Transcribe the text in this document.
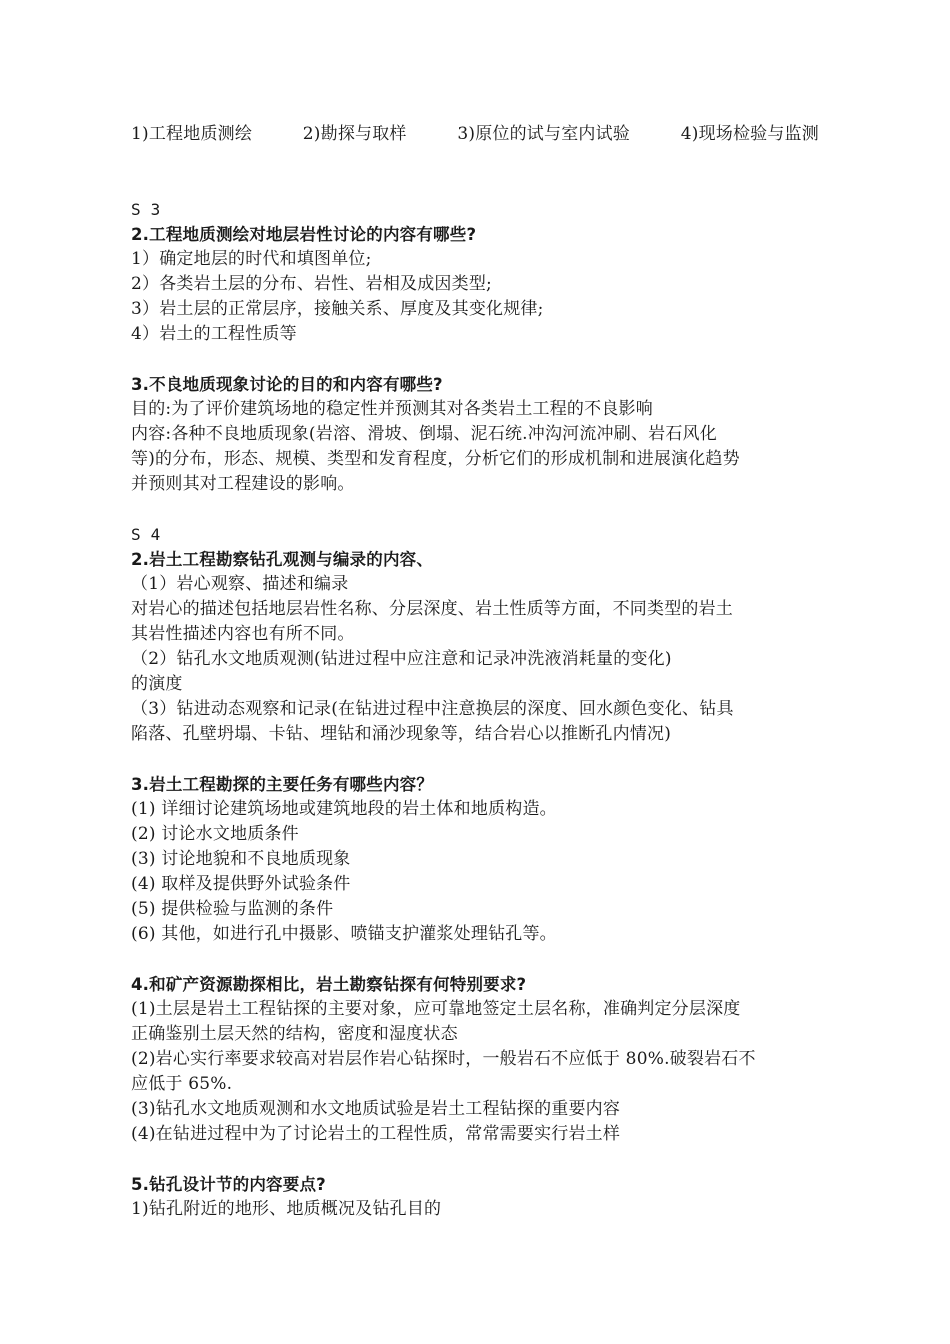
1)工程地质测绘	2)勘探与取样	3)原位的试与室内试验	4)现场检验与监测
S 3
2.工程地质测绘对地层岩性讨论的内容有哪些?
1）确定地层的时代和填图单位;
2）各类岩土层的分布、岩性、岩相及成因类型;
3）岩土层的正常层序，接触关系、厚度及其变化规律;
4）岩土的工程性质等
3.不良地质现象讨论的目的和内容有哪些?
目的:为了评价建筑场地的稳定性并预测其对各类岩土工程的不良影响
内容:各种不良地质现象(岩溶、滑坡、倒塌、泥石统.冲沟河流冲刷、岩石风化
等)的分布，形态、规模、类型和发育程度，分析它们的形成机制和进展演化趋势
并预则其对工程建设的影响。
S 4
2.岩土工程勘察钻孔观测与编录的内容、
（1）岩心观察、描述和编录
对岩心的描述包括地层岩性名称、分层深度、岩土性质等方面，不同类型的岩土
其岩性描述内容也有所不同。
（2）钻孔水文地质观测(钻进过程中应注意和记录冲洗液消耗量的变化)
的演度
（3）钻进动态观察和记录(在钻进过程中注意换层的深度、回水颜色变化、钻具
陷落、孔壁坍塌、卡钻、埋钻和涌沙现象等，结合岩心以推断孔内情况)
3.岩土工程勘探的主要任务有哪些内容？
(1) 详细讨论建筑场地或建筑地段的岩土体和地质构造。
(2) 讨论水文地质条件
(3) 讨论地貌和不良地质现象
(4) 取样及提供野外试验条件
(5) 提供检验与监测的条件
(6) 其他，如进行孔中摄影、喷锚支护灌浆处理钻孔等。
4.和矿产资源勘探相比，岩土勘察钻探有何特别要求?
(1)土层是岩土工程钻探的主要对象，应可靠地签定土层名称，准确判定分层深度
正确鉴别土层天然的结构，密度和湿度状态
(2)岩心实行率要求较高对岩层作岩心钻探时，一般岩石不应低于 80%.破裂岩石不
应低于 65%.
(3)钻孔水文地质观测和水文地质试验是岩土工程钻探的重要内容
(4)在钻进过程中为了讨论岩土的工程性质，常常需要实行岩土样
5.钻孔设计节的内容要点?
1)钻孔附近的地形、地质概况及钻孔目的
